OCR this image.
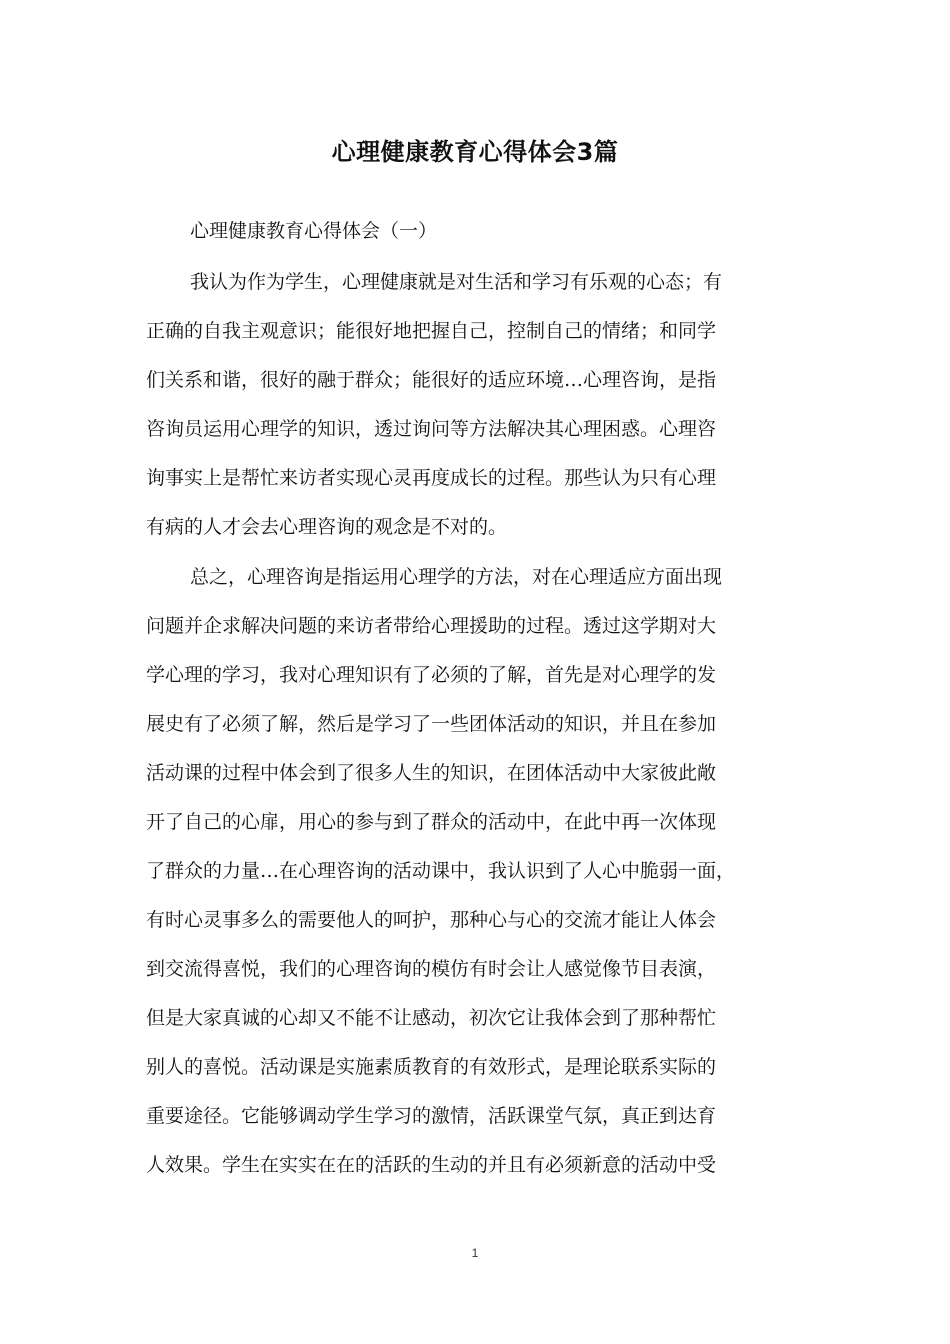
心理健康教育心得体会3篇
心理健康教育心得体会（一）
我认为作为学生，心理健康就是对生活和学习有乐观的心态；有
正确的自我主观意识；能很好地把握自己，控制自己的情绪；和同学
们关系和谐，很好的融于群众；能很好的适应环境…心理咨询，是指
咨询员运用心理学的知识，透过询问等方法解决其心理困惑。心理咨
询事实上是帮忙来访者实现心灵再度成长的过程。那些认为只有心理
有病的人才会去心理咨询的观念是不对的。
总之，心理咨询是指运用心理学的方法，对在心理适应方面出现
问题并企求解决问题的来访者带给心理援助的过程。透过这学期对大
学心理的学习，我对心理知识有了必须的了解，首先是对心理学的发
展史有了必须了解，然后是学习了一些团体活动的知识，并且在参加
活动课的过程中体会到了很多人生的知识，在团体活动中大家彼此敞
开了自己的心扉，用心的参与到了群众的活动中，在此中再一次体现
了群众的力量…在心理咨询的活动课中，我认识到了人心中脆弱一面，
有时心灵事多么的需要他人的呵护，那种心与心的交流才能让人体会
到交流得喜悦，我们的心理咨询的模仿有时会让人感觉像节目表演，
但是大家真诚的心却又不能不让感动，初次它让我体会到了那种帮忙
别人的喜悦。活动课是实施素质教育的有效形式，是理论联系实际的
重要途径。它能够调动学生学习的激情，活跃课堂气氛，真正到达育
人效果。学生在实实在在的活跃的生动的并且有必须新意的活动中受
1
